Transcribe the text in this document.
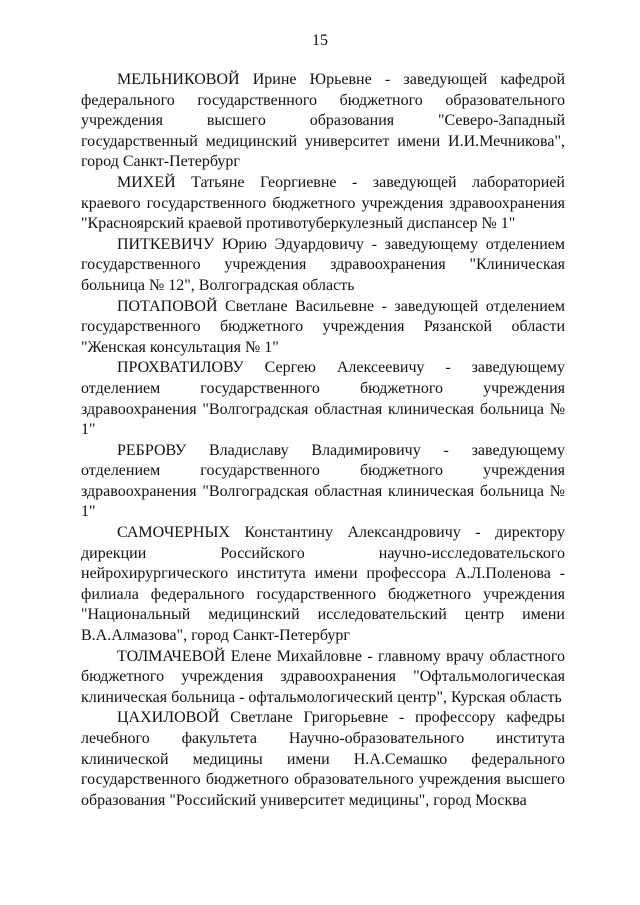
15

МЕЛЬНИКОВОЙ Ирине Юрьевне - заведующей кафедрой федерального государственного бюджетного образовательного учреждения высшего образования "Северо-Западный государственный медицинский университет имени И.И.Мечникова", город Санкт-Петербург

МИХЕЙ Татьяне Георгиевне - заведующей лабораторией краевого государственного бюджетного учреждения здравоохранения "Красноярский краевой противотуберкулезный диспансер № 1"

ПИТКЕВИЧУ Юрию Эдуардовичу - заведующему отделением государственного учреждения здравоохранения "Клиническая больница № 12", Волгоградская область

ПОТАПОВОЙ Светлане Васильевне - заведующей отделением государственного бюджетного учреждения Рязанской области "Женская консультация № 1"

ПРОХВАТИЛОВУ Сергею Алексеевичу - заведующему отделением государственного бюджетного учреждения здравоохранения "Волгоградская областная клиническая больница № 1"

РЕБРОВУ Владиславу Владимировичу - заведующему отделением государственного бюджетного учреждения здравоохранения "Волгоградская областная клиническая больница № 1"

САМОЧЕРНЫХ Константину Александровичу - директору дирекции Российского научно-исследовательского нейрохирургического института имени профессора А.Л.Поленова - филиала федерального государственного бюджетного учреждения "Национальный медицинский исследовательский центр имени В.А.Алмазова", город Санкт-Петербург

ТОЛМАЧЕВОЙ Елене Михайловне - главному врачу областного бюджетного учреждения здравоохранения "Офтальмологическая клиническая больница - офтальмологический центр", Курская область

ЦАХИЛОВОЙ Светлане Григорьевне - профессору кафедры лечебного факультета Научно-образовательного института клинической медицины имени Н.А.Семашко федерального государственного бюджетного образовательного учреждения высшего образования "Российский университет медицины", город Москва
